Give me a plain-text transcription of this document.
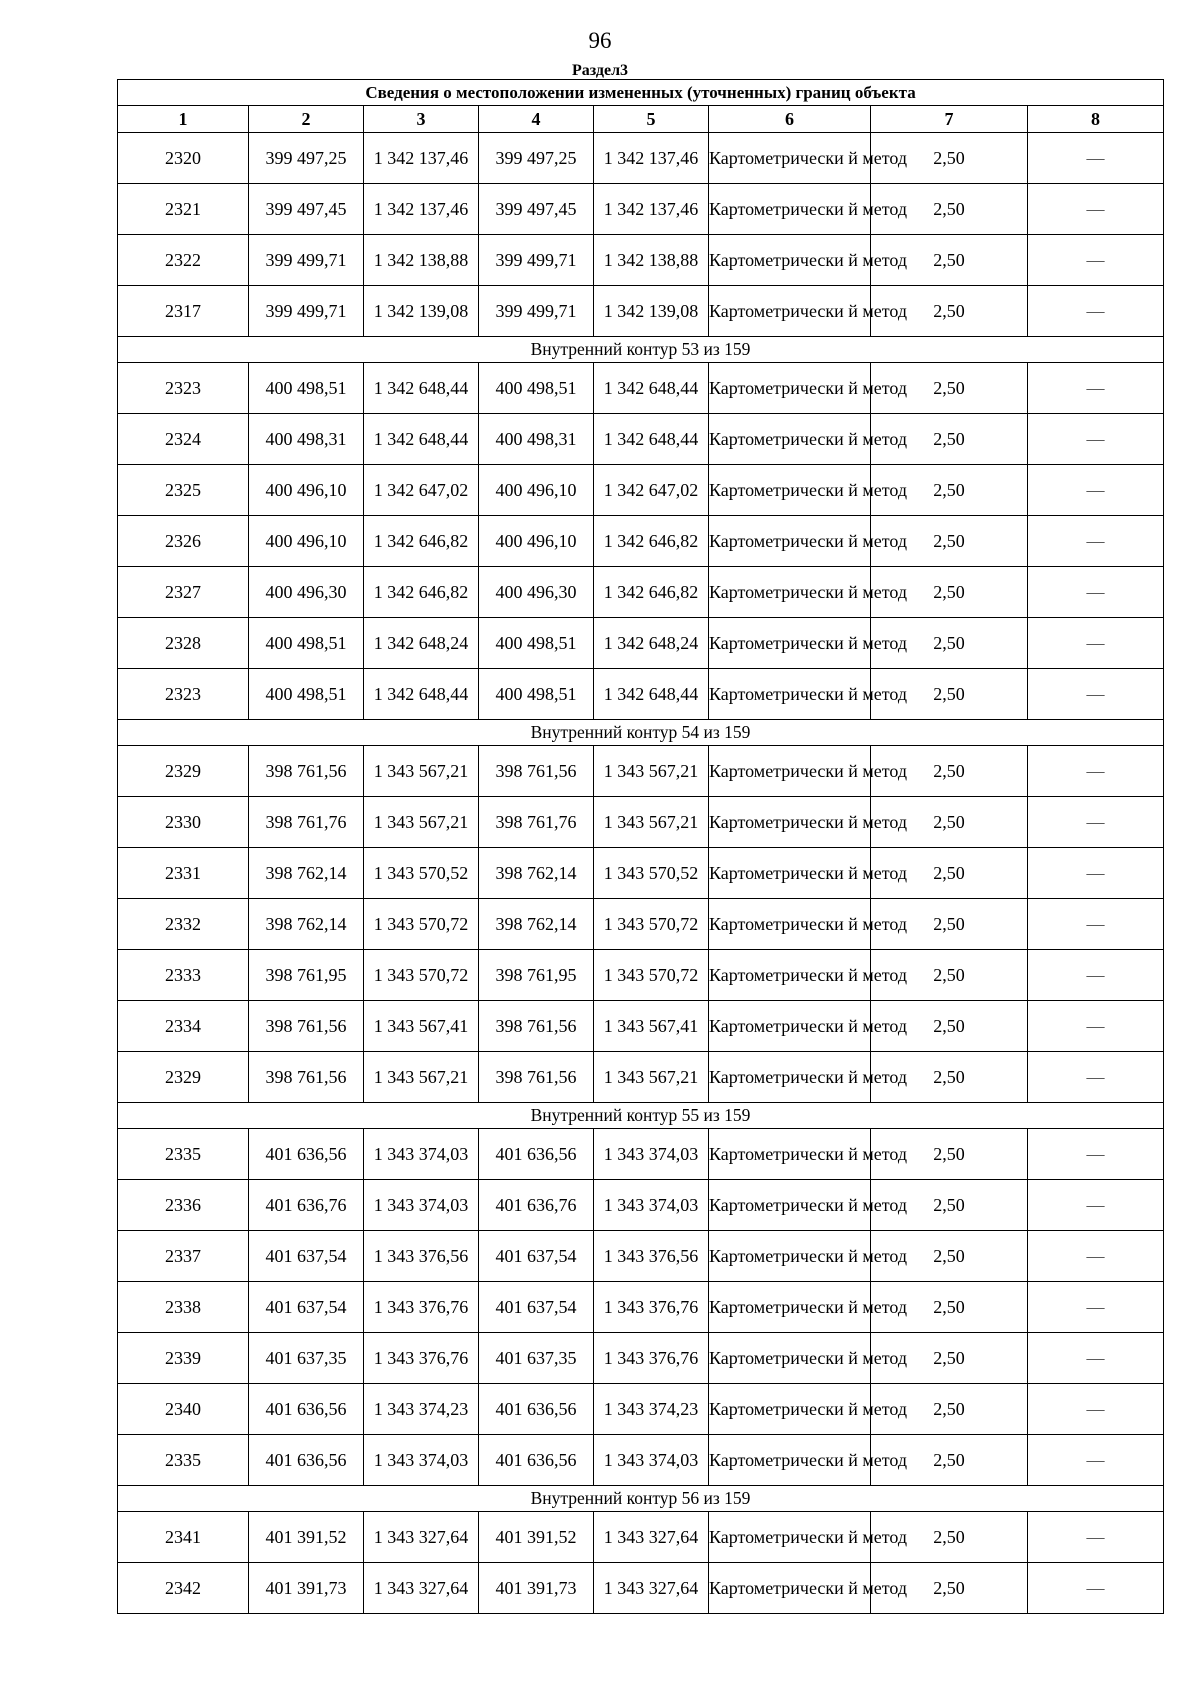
96
Раздел3
Сведения о местоположении измененных (уточненных) границ объекта							
1	2	3	4	5	6	7	8
2320	399 497,25	1 342 137,46	399 497,25	1 342 137,46	Картометрически й метод	2,50	—
2321	399 497,45	1 342 137,46	399 497,45	1 342 137,46	Картометрически й метод	2,50	—
2322	399 499,71	1 342 138,88	399 499,71	1 342 138,88	Картометрически й метод	2,50	—
2317	399 499,71	1 342 139,08	399 499,71	1 342 139,08	Картометрически й метод	2,50	—
Внутренний контур 53 из 159							
2323	400 498,51	1 342 648,44	400 498,51	1 342 648,44	Картометрически й метод	2,50	—
2324	400 498,31	1 342 648,44	400 498,31	1 342 648,44	Картометрически й метод	2,50	—
2325	400 496,10	1 342 647,02	400 496,10	1 342 647,02	Картометрически й метод	2,50	—
2326	400 496,10	1 342 646,82	400 496,10	1 342 646,82	Картометрически й метод	2,50	—
2327	400 496,30	1 342 646,82	400 496,30	1 342 646,82	Картометрически й метод	2,50	—
2328	400 498,51	1 342 648,24	400 498,51	1 342 648,24	Картометрически й метод	2,50	—
2323	400 498,51	1 342 648,44	400 498,51	1 342 648,44	Картометрически й метод	2,50	—
Внутренний контур 54 из 159							
2329	398 761,56	1 343 567,21	398 761,56	1 343 567,21	Картометрически й метод	2,50	—
2330	398 761,76	1 343 567,21	398 761,76	1 343 567,21	Картометрически й метод	2,50	—
2331	398 762,14	1 343 570,52	398 762,14	1 343 570,52	Картометрически й метод	2,50	—
2332	398 762,14	1 343 570,72	398 762,14	1 343 570,72	Картометрически й метод	2,50	—
2333	398 761,95	1 343 570,72	398 761,95	1 343 570,72	Картометрически й метод	2,50	—
2334	398 761,56	1 343 567,41	398 761,56	1 343 567,41	Картометрически й метод	2,50	—
2329	398 761,56	1 343 567,21	398 761,56	1 343 567,21	Картометрически й метод	2,50	—
Внутренний контур 55 из 159							
2335	401 636,56	1 343 374,03	401 636,56	1 343 374,03	Картометрически й метод	2,50	—
2336	401 636,76	1 343 374,03	401 636,76	1 343 374,03	Картометрически й метод	2,50	—
2337	401 637,54	1 343 376,56	401 637,54	1 343 376,56	Картометрически й метод	2,50	—
2338	401 637,54	1 343 376,76	401 637,54	1 343 376,76	Картометрически й метод	2,50	—
2339	401 637,35	1 343 376,76	401 637,35	1 343 376,76	Картометрически й метод	2,50	—
2340	401 636,56	1 343 374,23	401 636,56	1 343 374,23	Картометрически й метод	2,50	—
2335	401 636,56	1 343 374,03	401 636,56	1 343 374,03	Картометрически й метод	2,50	—
Внутренний контур 56 из 159							
2341	401 391,52	1 343 327,64	401 391,52	1 343 327,64	Картометрически й метод	2,50	—
2342	401 391,73	1 343 327,64	401 391,73	1 343 327,64	Картометрически й метод	2,50	—
